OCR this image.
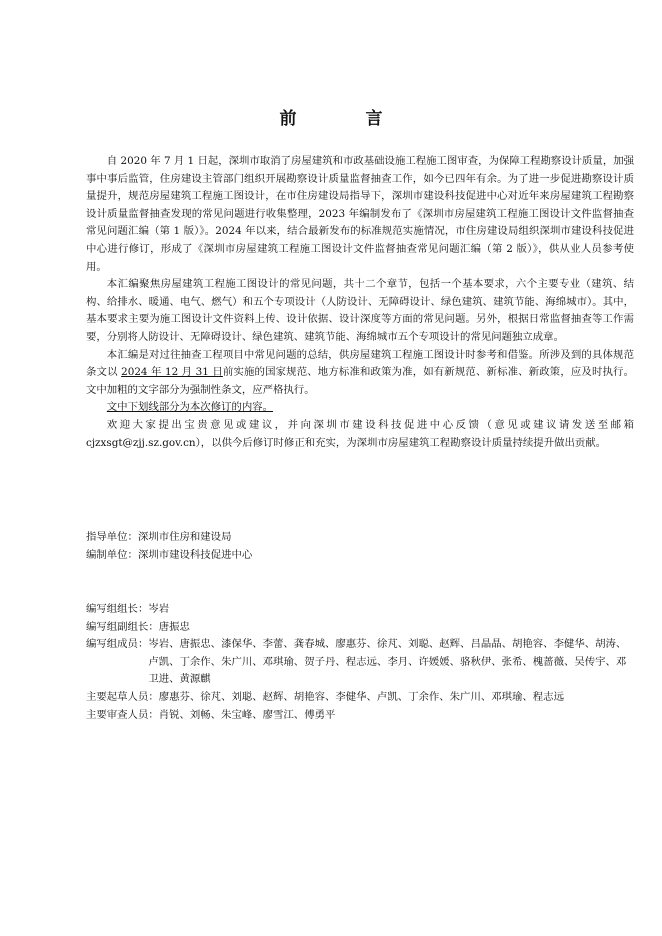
前　言

自 2020 年 7 月 1 日起，深圳市取消了房屋建筑和市政基础设施工程施工图审查，为保障工程勘察设计质量，加强事中事后监管，住房建设主管部门组织开展勘察设计质量监督抽查工作，如今已四年有余。为了进一步促进勘察设计质量提升，规范房屋建筑工程施工图设计，在市住房建设局指导下，深圳市建设科技促进中心对近年来房屋建筑工程勘察设计质量监督抽查发现的常见问题进行收集整理，2023 年编制发布了《深圳市房屋建筑工程施工图设计文件监督抽查常见问题汇编（第 1 版）》。2024 年以来，结合最新发布的标准规范实施情况，市住房建设局组织深圳市建设科技促进中心进行修订，形成了《深圳市房屋建筑工程施工图设计文件监督抽查常见问题汇编（第 2 版）》，供从业人员参考使用。

本汇编聚焦房屋建筑工程施工图设计的常见问题，共十二个章节，包括一个基本要求，六个主要专业（建筑、结构、给排水、暖通、电气、燃气）和五个专项设计（人防设计、无障碍设计、绿色建筑、建筑节能、海绵城市）。其中，基本要求主要为施工图设计文件资料上传、设计依据、设计深度等方面的常见问题。另外，根据日常监督抽查等工作需要，分别将人防设计、无障碍设计、绿色建筑、建筑节能、海绵城市五个专项设计的常见问题独立成章。

本汇编是对过往抽查工程项目中常见问题的总结，供房屋建筑工程施工图设计时参考和借鉴。所涉及到的具体规范条文以 2024 年 12 月 31 日前实施的国家规范、地方标准和政策为准，如有新规范、新标准、新政策，应及时执行。文中加粗的文字部分为强制性条文，应严格执行。

文中下划线部分为本次修订的内容。

欢迎大家提出宝贵意见或建议，并向深圳市建设科技促进中心反馈（意见或建议请发送至邮箱 cjzxsgt@zjj.sz.gov.cn），以供今后修订时修正和充实，为深圳市房屋建筑工程勘察设计质量持续提升做出贡献。

指导单位：深圳市住房和建设局
编制单位：深圳市建设科技促进中心
编写组组长： 岑岩
编写组副组长： 唐振忠
编写组成员： 岑岩、唐振忠、漆保华、李蕾、龚春城、廖惠芬、徐芃、刘聪、赵辉、吕晶晶、胡艳容、李健华、胡涛、卢凯、丁余作、朱广川、邓琪瑜、贺子丹、程志远、李月、许媛媛、骆秋伊、张希、槐蔷薇、吴传宇、邓卫进、黄源麒
主要起草人员： 廖惠芬、徐芃、刘聪、赵辉、胡艳容、李健华、卢凯、丁余作、朱广川、邓琪瑜、程志远
主要审查人员： 肖锐、刘畅、朱宝峰、廖雪江、傅勇平
